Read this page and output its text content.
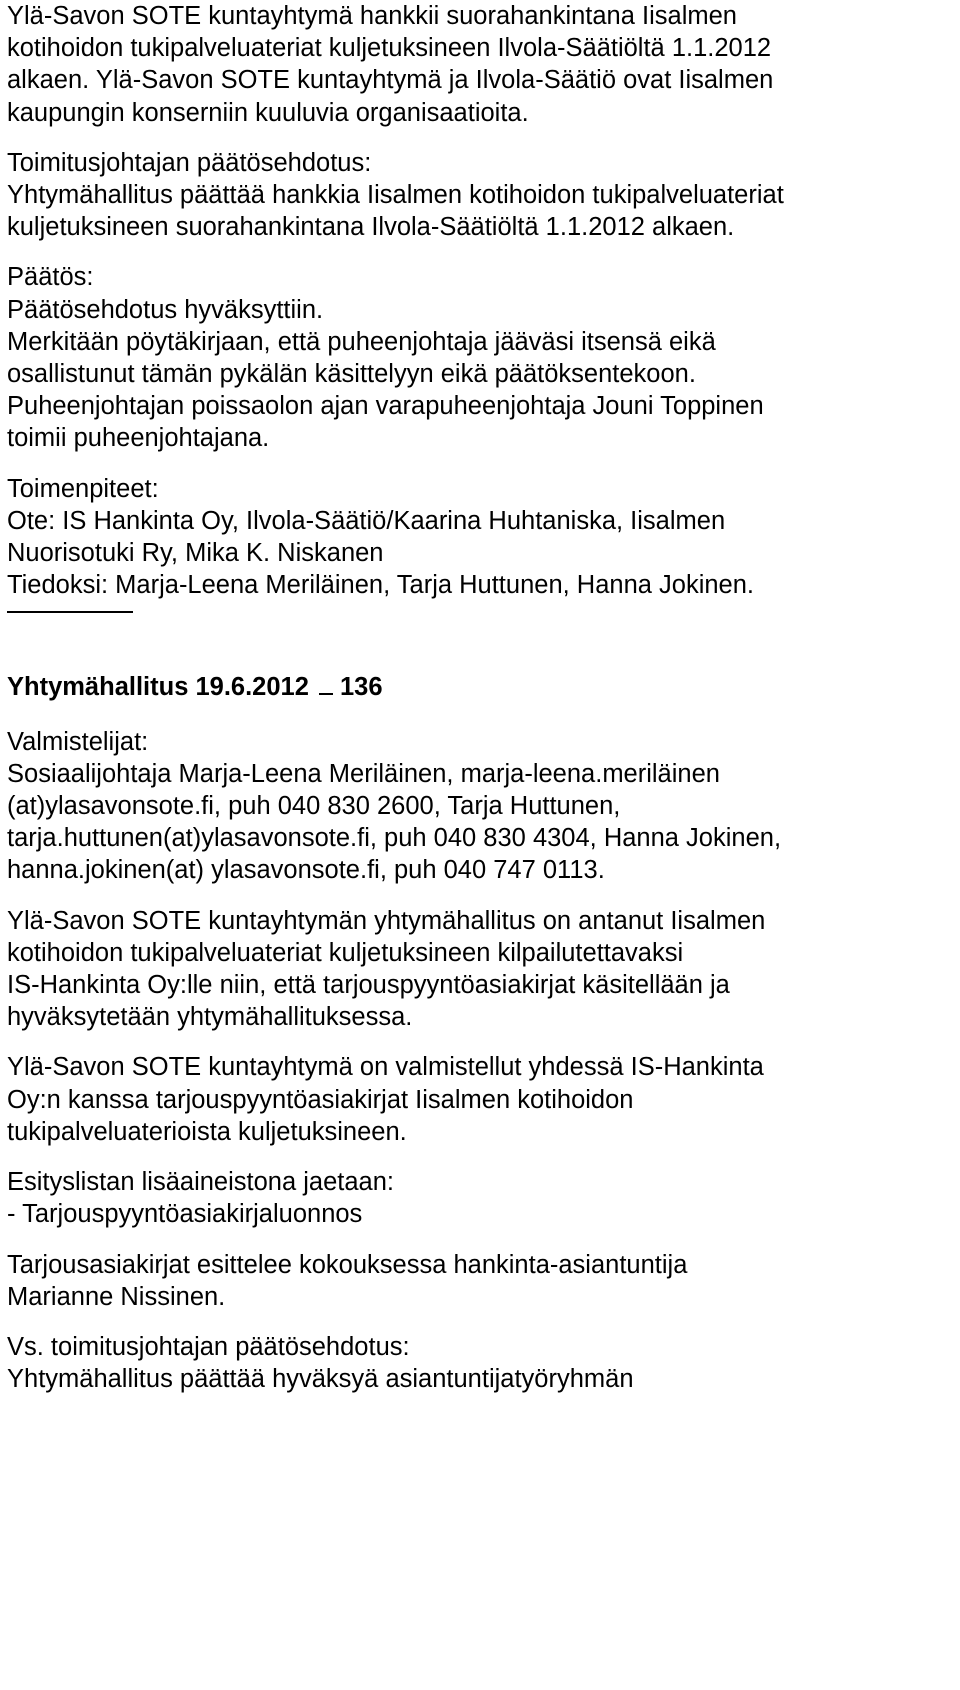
Ylä-Savon SOTE kuntayhtymä hankkii suorahankintana Iisalmen
kotihoidon tukipalveluateriat kuljetuksineen Ilvola-Säätiöltä 1.1.2012
alkaen. Ylä-Savon SOTE kuntayhtymä ja Ilvola-Säätiö ovat Iisalmen
kaupungin konserniin kuuluvia organisaatioita.
Toimitusjohtajan päätösehdotus:
Yhtymähallitus päättää hankkia Iisalmen kotihoidon tukipalveluateriat
kuljetuksineen suorahankintana Ilvola-Säätiöltä 1.1.2012 alkaen.
Päätös:
Päätösehdotus hyväksyttiin.
Merkitään pöytäkirjaan, että puheenjohtaja jääväsi itsensä eikä
osallistunut tämän pykälän käsittelyyn eikä päätöksentekoon.
Puheenjohtajan poissaolon ajan varapuheenjohtaja Jouni Toppinen
toimii puheenjohtajana.
Toimenpiteet:
Ote: IS Hankinta Oy, Ilvola-Säätiö/Kaarina Huhtaniska, Iisalmen
Nuorisotuki Ry, Mika K. Niskanen
Tiedoksi: Marja-Leena Meriläinen, Tarja Huttunen, Hanna Jokinen.
Yhtymähallitus 19.6.2012 136
Valmistelijat:
Sosiaalijohtaja Marja-Leena Meriläinen, marja-leena.meriläinen
(at)ylasavonsote.fi, puh 040 830 2600, Tarja Huttunen,
tarja.huttunen(at)ylasavonsote.fi, puh 040 830 4304, Hanna Jokinen,
hanna.jokinen(at) ylasavonsote.fi, puh 040 747 0113.
Ylä-Savon SOTE kuntayhtymän yhtymähallitus on antanut Iisalmen
kotihoidon tukipalveluateriat kuljetuksineen kilpailutettavaksi
IS-Hankinta Oy:lle niin, että tarjouspyyntöasiakirjat käsitellään ja
hyväksytetään yhtymähallituksessa.
Ylä-Savon SOTE kuntayhtymä on valmistellut yhdessä IS-Hankinta
Oy:n kanssa tarjouspyyntöasiakirjat Iisalmen kotihoidon
tukipalveluaterioista kuljetuksineen.
Esityslistan lisäaineistona jaetaan:
- Tarjouspyyntöasiakirjaluonnos
Tarjousasiakirjat esittelee kokouksessa hankinta-asiantuntija
Marianne Nissinen.
Vs. toimitusjohtajan päätösehdotus:
Yhtymähallitus päättää hyväksyä asiantuntijatyöryhmän
